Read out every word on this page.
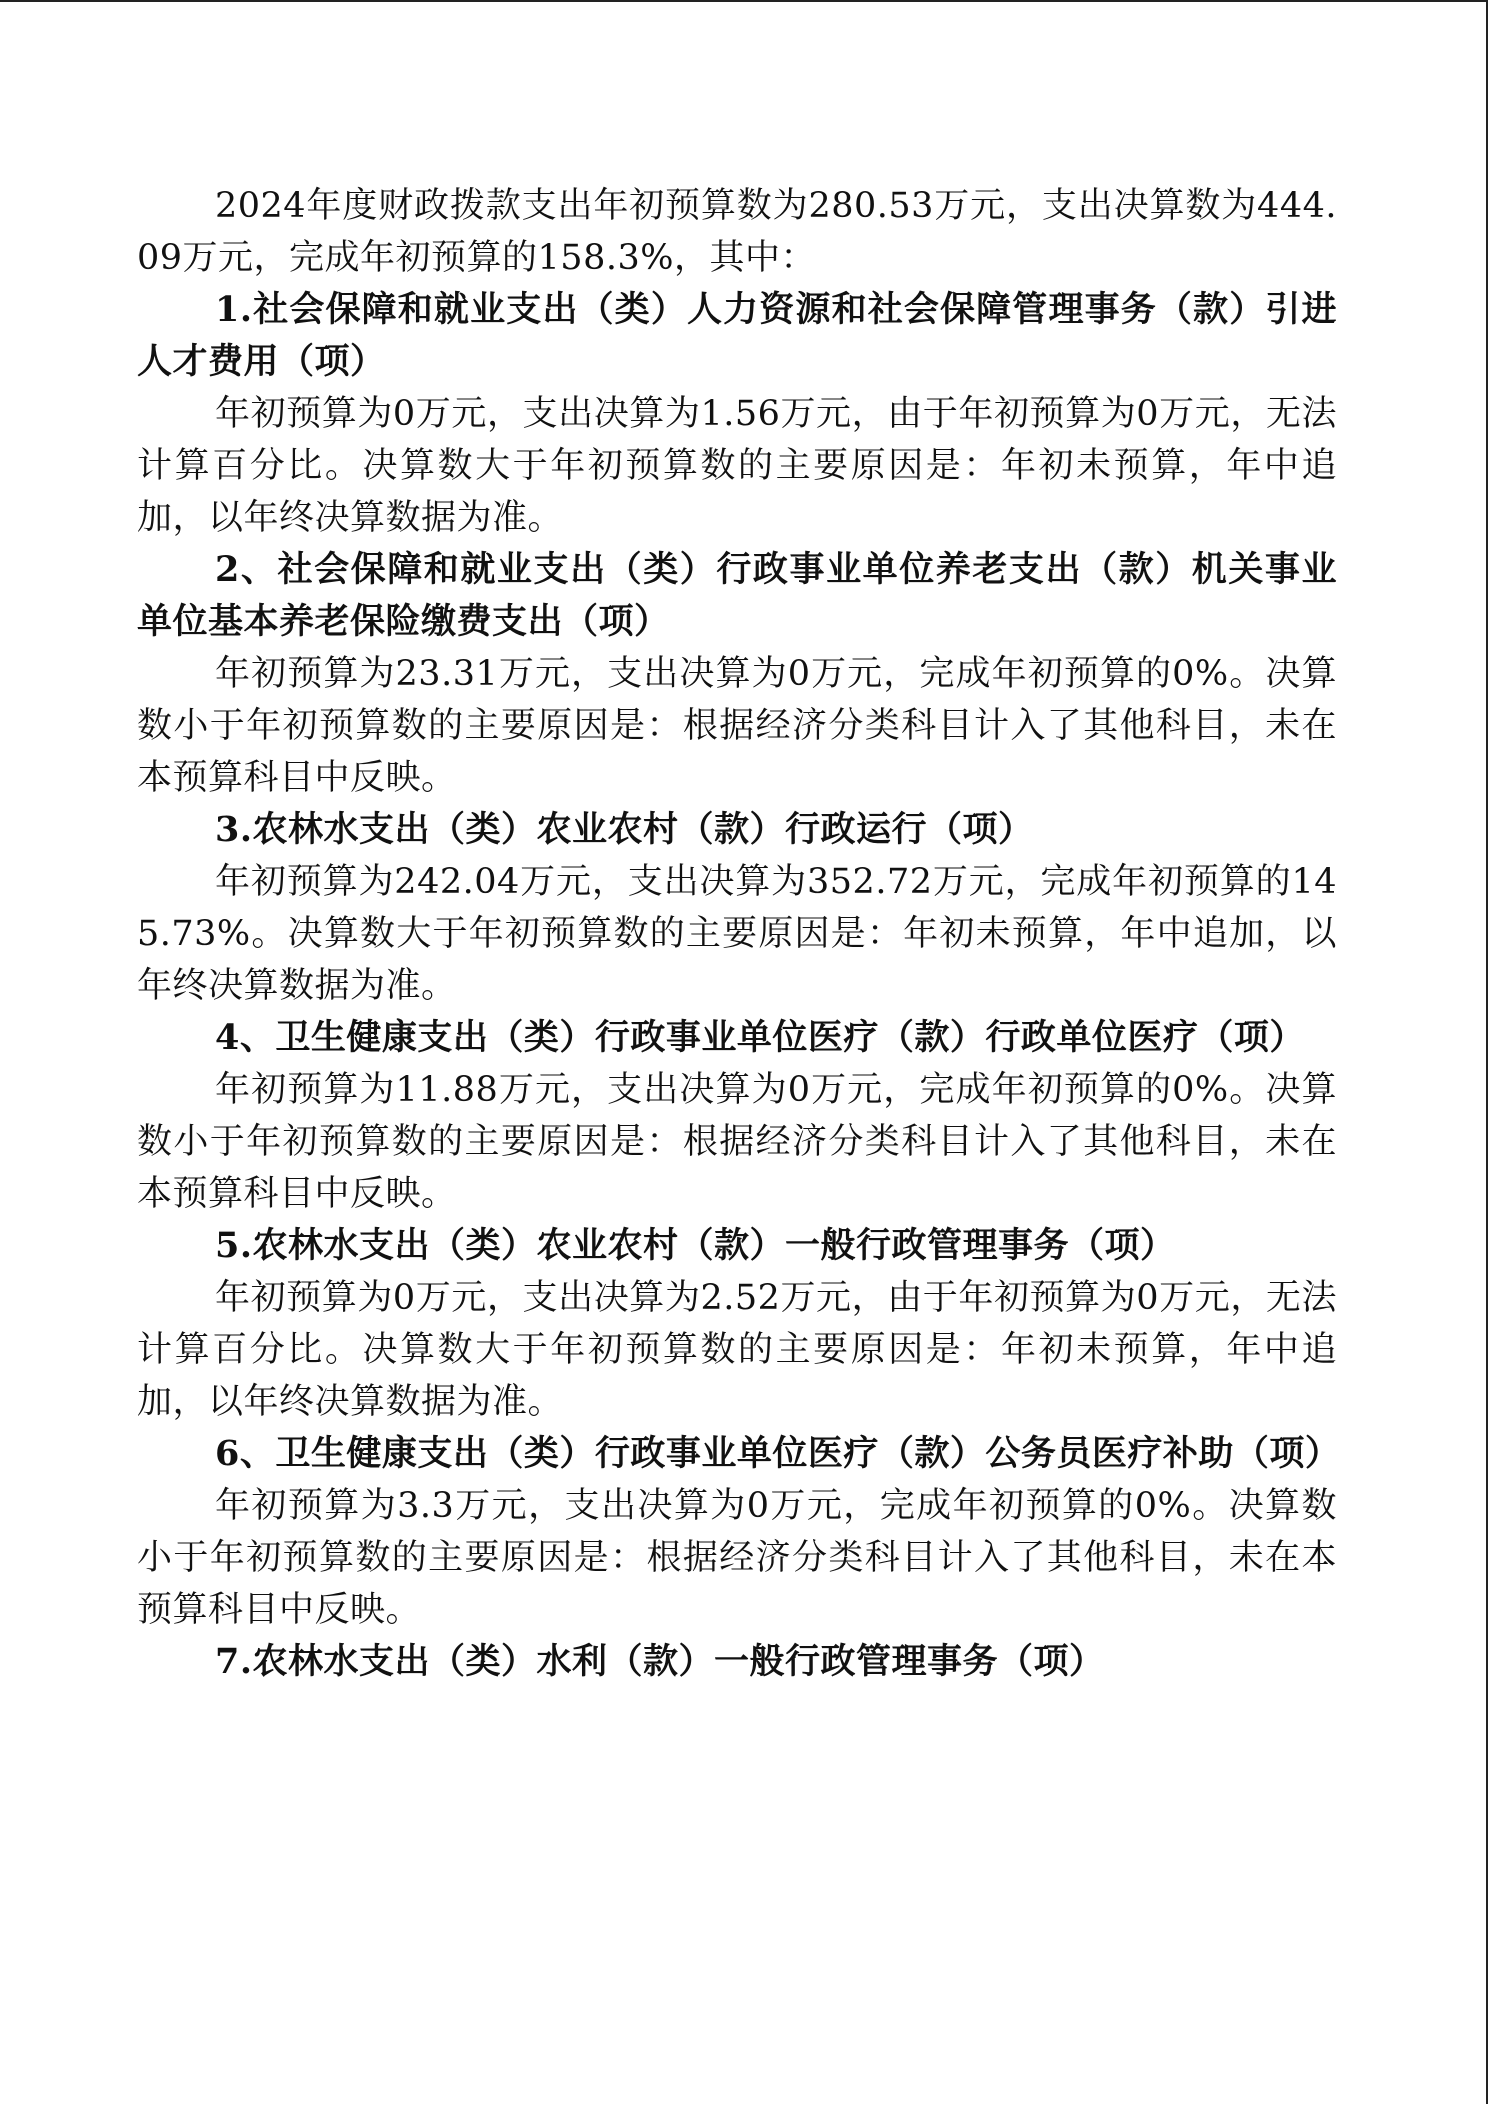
2024年度财政拨款支出年初预算数为280.53万元，支出决算数为444.09万元，完成年初预算的158.3%，其中：

1.社会保障和就业支出（类）人力资源和社会保障管理事务（款）引进人才费用（项）

年初预算为0万元，支出决算为1.56万元，由于年初预算为0万元，无法计算百分比。决算数大于年初预算数的主要原因是：年初未预算，年中追加，以年终决算数据为准。

2、社会保障和就业支出（类）行政事业单位养老支出（款）机关事业单位基本养老保险缴费支出（项）

年初预算为23.31万元，支出决算为0万元，完成年初预算的0%。决算数小于年初预算数的主要原因是：根据经济分类科目计入了其他科目，未在本预算科目中反映。

3.农林水支出（类）农业农村（款）行政运行（项）

年初预算为242.04万元，支出决算为352.72万元，完成年初预算的145.73%。决算数大于年初预算数的主要原因是：年初未预算，年中追加，以年终决算数据为准。

4、卫生健康支出（类）行政事业单位医疗（款）行政单位医疗（项）

年初预算为11.88万元，支出决算为0万元，完成年初预算的0%。决算数小于年初预算数的主要原因是：根据经济分类科目计入了其他科目，未在本预算科目中反映。

5.农林水支出（类）农业农村（款）一般行政管理事务（项）

年初预算为0万元，支出决算为2.52万元，由于年初预算为0万元，无法计算百分比。决算数大于年初预算数的主要原因是：年初未预算，年中追加，以年终决算数据为准。

6、卫生健康支出（类）行政事业单位医疗（款）公务员医疗补助（项）

年初预算为3.3万元，支出决算为0万元，完成年初预算的0%。决算数小于年初预算数的主要原因是：根据经济分类科目计入了其他科目，未在本预算科目中反映。

7.农林水支出（类）水利（款）一般行政管理事务（项）
